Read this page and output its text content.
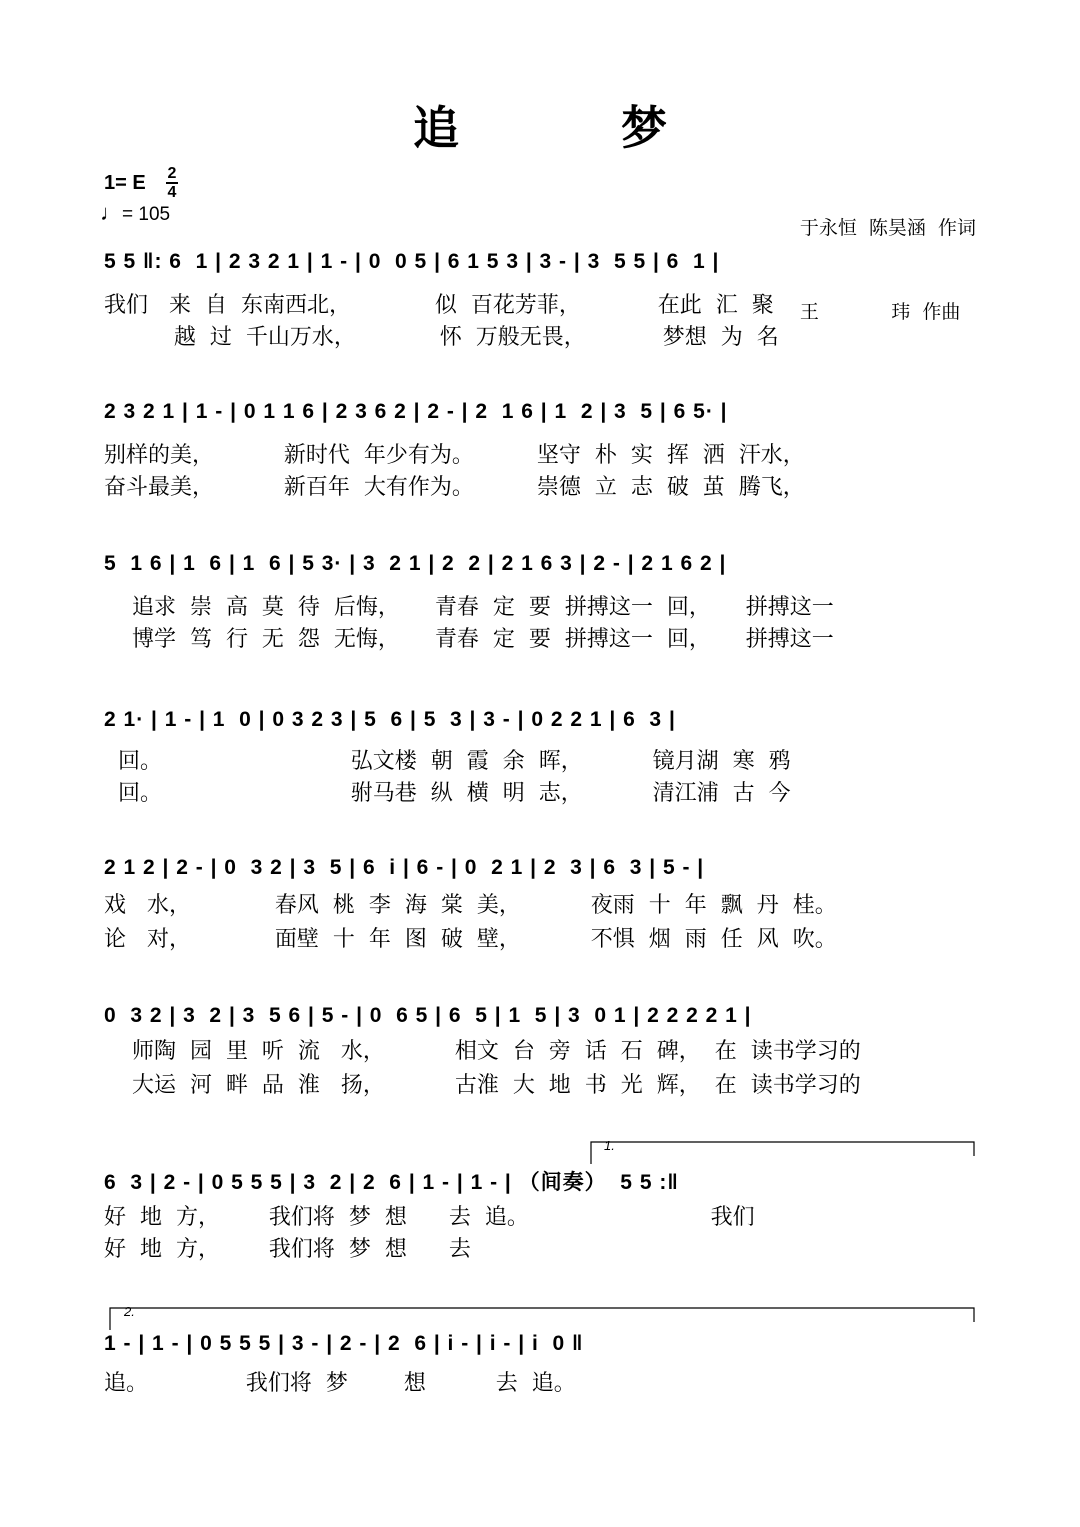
追　梦

于永恒  陈昊涵  作词

王            玮  作曲

1= E 2
4
♩= 105
5 5 ‖: 6  1 | 2 3 2 1 | 1 - | 0  0 5 | 6 1 5 3 | 3 - | 3  5 5 | 6  1 |
我们   来  自  东南西北，            似  百花芳菲，           在此  汇  聚
越  过  千山万水，            怀  万般无畏，           梦想  为  名
2 3 2 1 | 1 - | 0 1 1 6 | 2 3 6 2 | 2 - | 2  1 6 | 1  2 | 3  5 | 6 5· |
别样的美，          新时代  年少有为。         坚守  朴  实  挥  洒  汗水，
奋斗最美，          新百年  大有作为。         崇德  立  志  破  茧  腾飞，
5  1 6 | 1  6 | 1  6 | 5 3· | 3  2 1 | 2  2 | 2 1 6 3 | 2 - | 2 1 6 2 |
追求  崇  高  莫  待  后悔，     青春  定  要  拼搏这一  回，     拼搏这一
博学  笃  行  无  怨  无悔，     青春  定  要  拼搏这一  回，     拼搏这一
2 1· | 1 - | 1  0 | 0 3 2 3 | 5  6 | 5  3 | 3 - | 0 2 2 1 | 6  3 |
回。                           弘文楼  朝  霞  余  晖，          镜月湖  寒  鸦
回。                           驸马巷  纵  横  明  志，          清江浦  古  今
2 1 2 | 2 - | 0  3 2 | 3  5 | 6  i | 6 - | 0  2 1 | 2  3 | 6  3 | 5 - |
戏   水，            春风  桃  李  海  棠  美，          夜雨  十  年  飘  丹  桂。
论   对，            面壁  十  年  图  破  壁，          不惧  烟  雨  任  风  吹。
0  3 2 | 3  2 | 3  5 6 | 5 - | 0  6 5 | 6  5 | 1  5 | 3  0 1 | 2 2 2 2 1 |
师陶  园  里  听  流   水，          相文  台  旁  话  石  碑，  在  读书学习的
大运  河  畔  品  淮   扬，          古淮  大  地  书  光  辉，  在  读书学习的
1.
6  3 | 2 - | 0 5 5 5 | 3  2 | 2  6 | 1 - | 1 - | （间奏）  5 5 :‖
好  地  方，       我们将  梦  想      去  追。                          我们
好  地  方，       我们将  梦  想      去
2.
1 - | 1 - | 0 5 5 5 | 3 - | 2 - | 2  6 | i - | i - | i  0 ‖
追。              我们将  梦        想          去  追。
